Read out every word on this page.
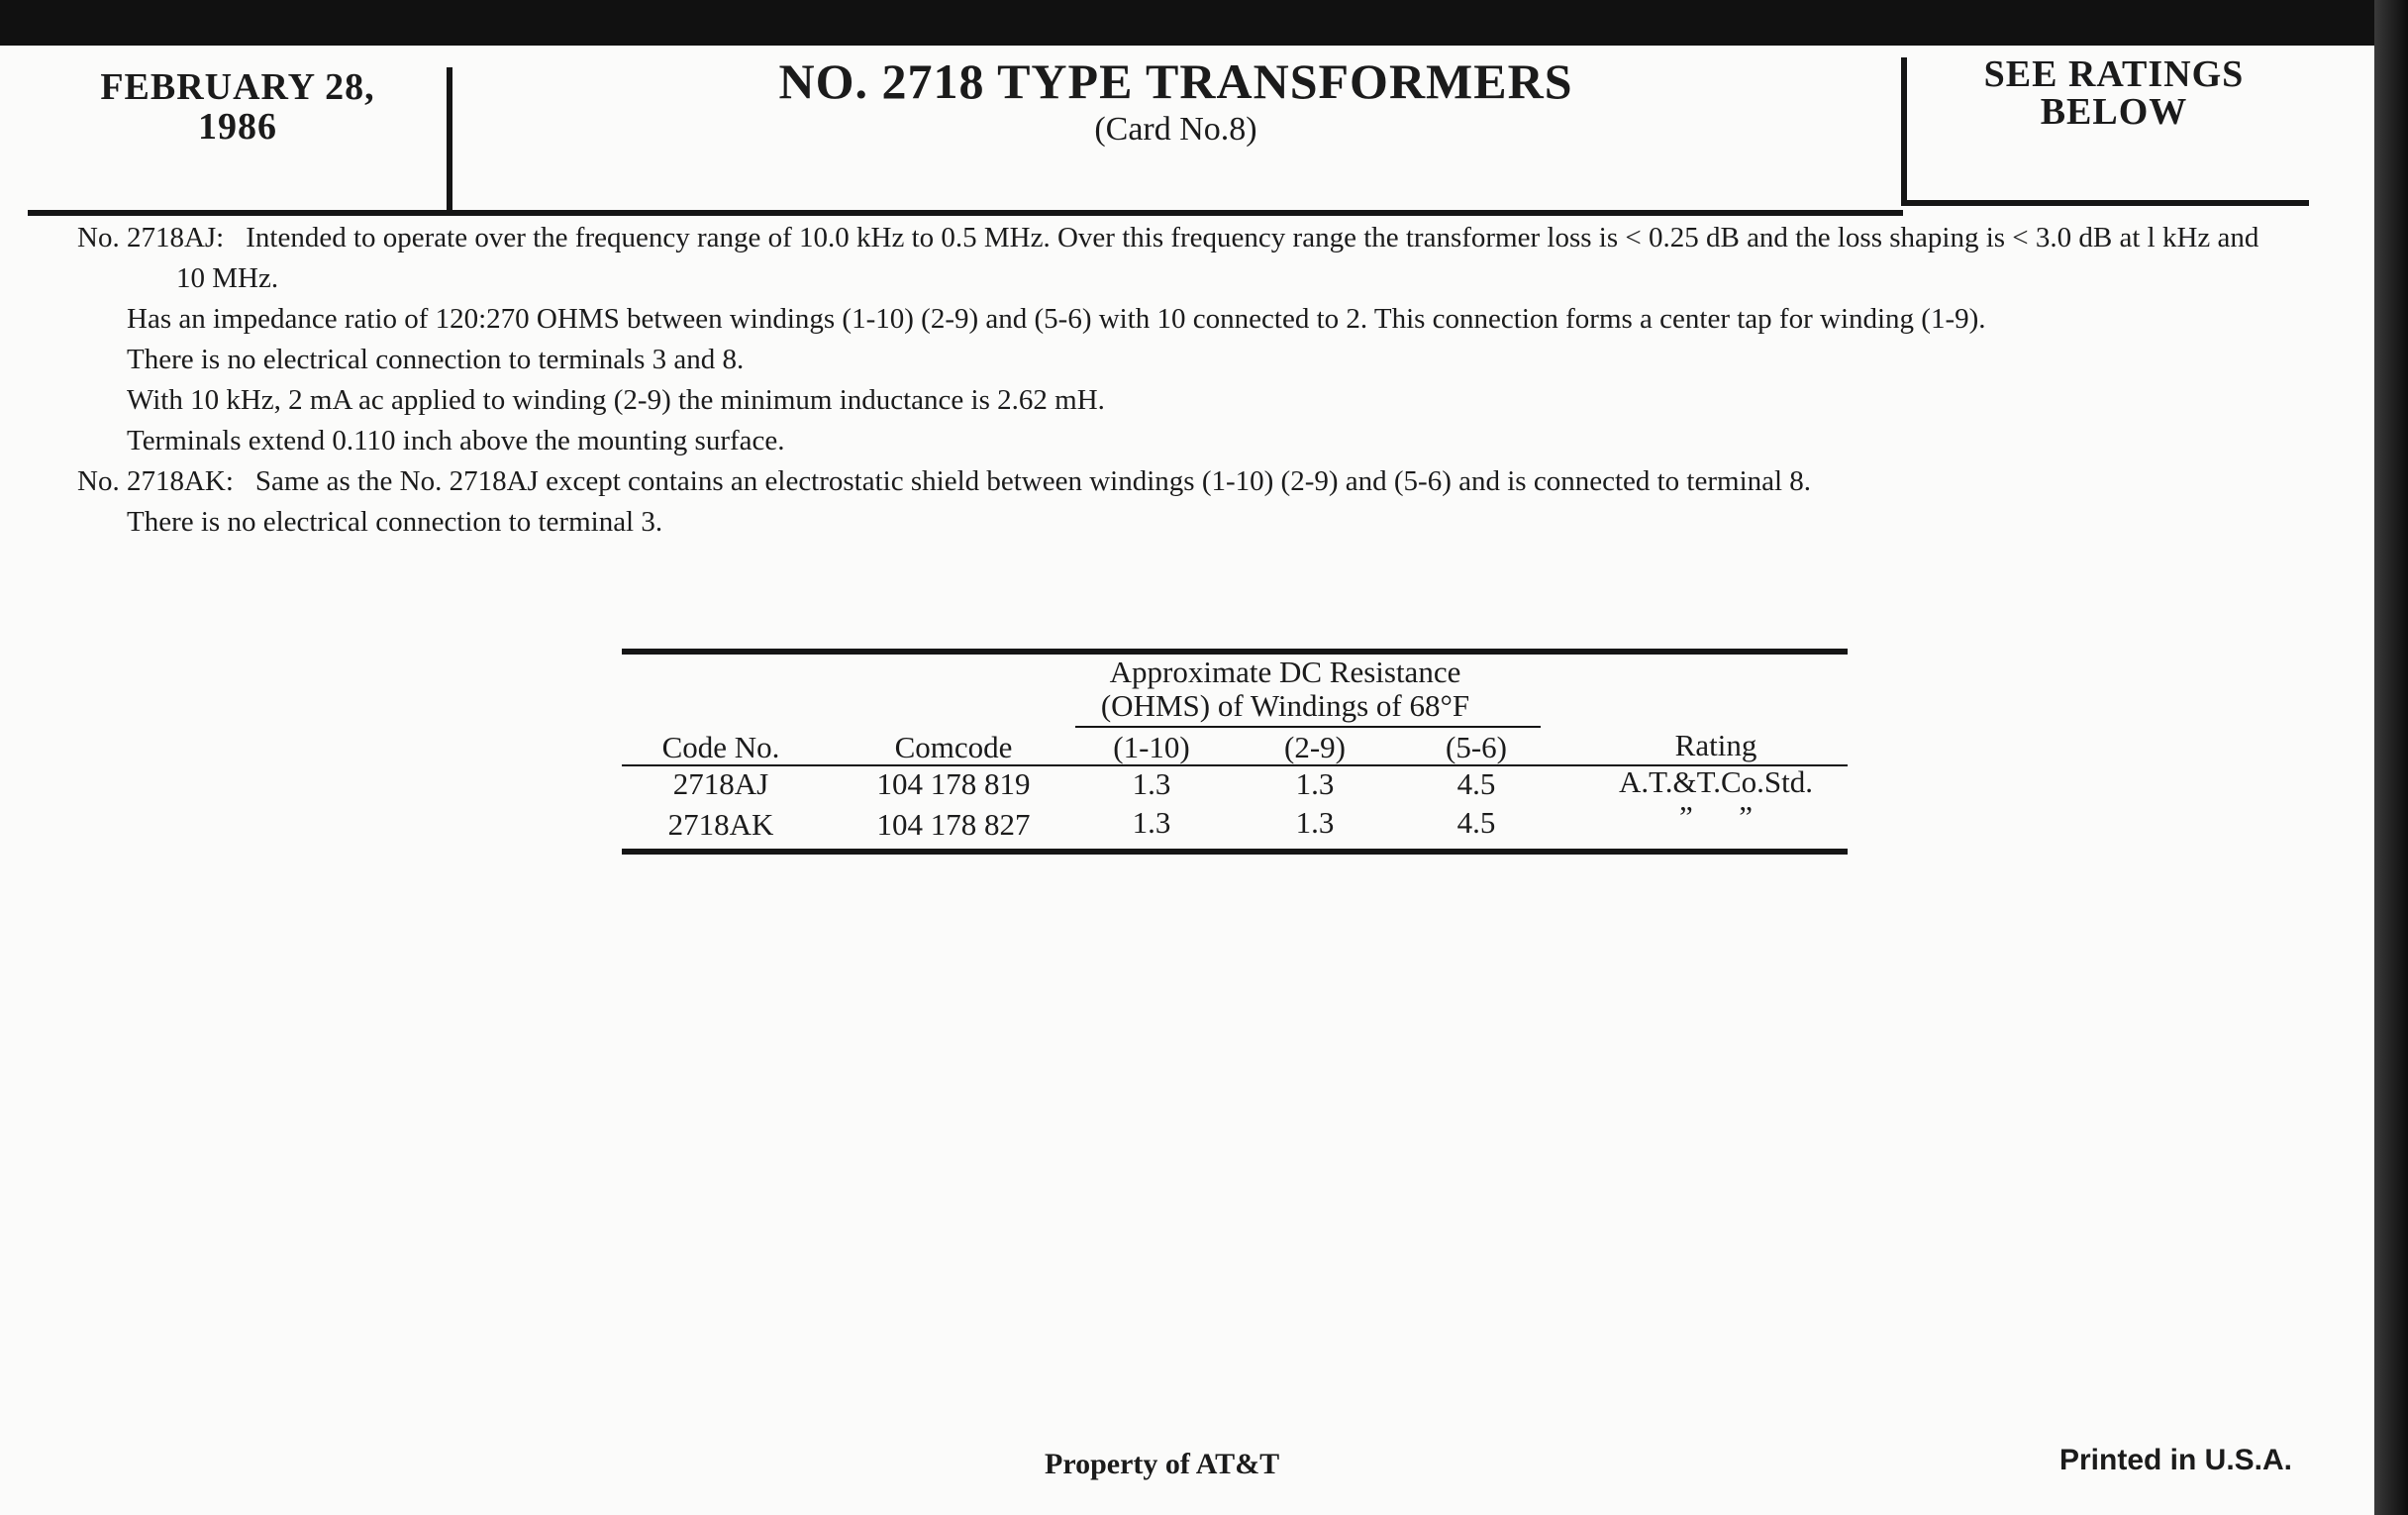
FEBRUARY 28,
1986
NO. 2718 TYPE TRANSFORMERS
(Card No.8)
SEE RATINGS
BELOW

No. 2718AJ: Intended to operate over the frequency range of 10.0 kHz to 0.5 MHz. Over this frequency range the transformer loss is < 0.25 dB and the loss shaping is < 3.0 dB at l kHz and 10 MHz.

Has an impedance ratio of 120:270 OHMS between windings (1-10) (2-9) and (5-6) with 10 connected to 2. This connection forms a center tap for winding (1-9).

There is no electrical connection to terminals 3 and 8.

With 10 kHz, 2 mA ac applied to winding (2-9) the minimum inductance is 2.62 mH.

Terminals extend 0.110 inch above the mounting surface.

No. 2718AK: Same as the No. 2718AJ except contains an electrostatic shield between windings (1-10) (2-9) and (5-6) and is connected to terminal 8.

There is no electrical connection to terminal 3.

Approximate DC Resistance
(OHMS) of Windings of 68°F
Code No.	Comcode	(1-10)	(2-9)	(5-6)	Rating
2718AJ	104 178 819	1.3	1.3	4.5	A.T.&T.Co.Std.
2718AK	104 178 827	1.3	1.3	4.5	”      ”
Property of AT&T	Printed in U.S.A.
